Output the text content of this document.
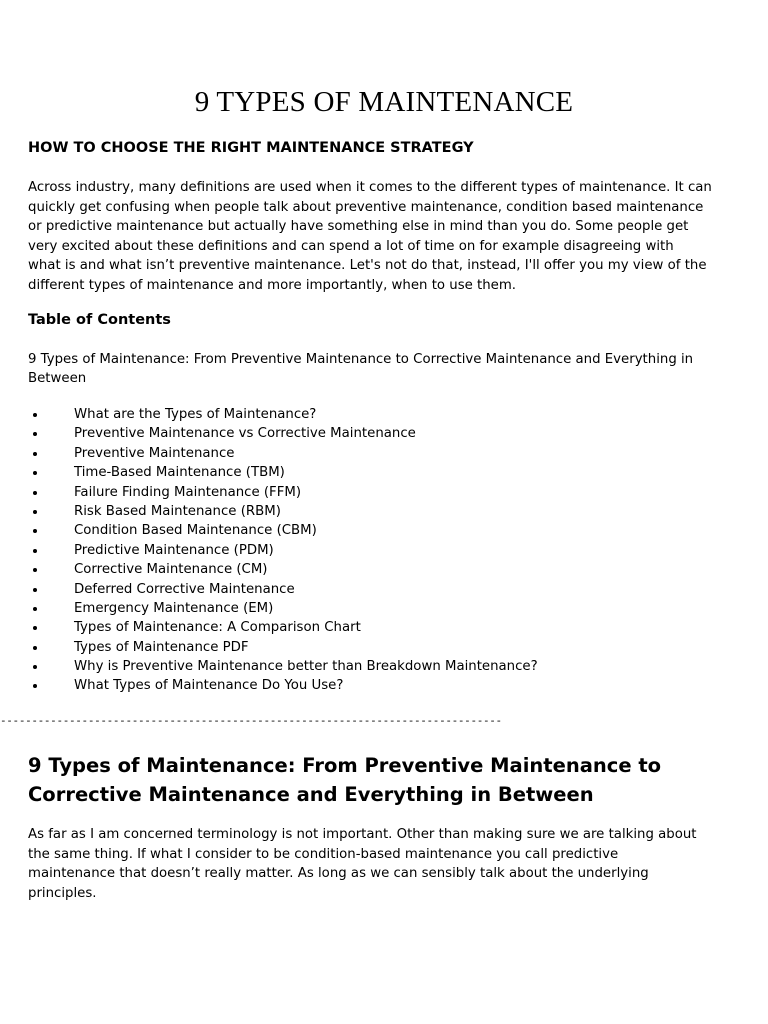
9 TYPES OF MAINTENANCE
HOW TO CHOOSE THE RIGHT MAINTENANCE STRATEGY

Across industry, many definitions are used when it comes to the different types of maintenance. It can
quickly get confusing when people talk about preventive maintenance, condition based maintenance
or predictive maintenance but actually have something else in mind than you do. Some people get
very excited about these definitions and can spend a lot of time on for example disagreeing with
what is and what isn’t preventive maintenance. Let's not do that, instead, I'll offer you my view of the
different types of maintenance and more importantly, when to use them.

Table of Contents

9 Types of Maintenance: From Preventive Maintenance to Corrective Maintenance and Everything in
Between

What are the Types of Maintenance?
Preventive Maintenance vs Corrective Maintenance
Preventive Maintenance
Time-Based Maintenance (TBM)
Failure Finding Maintenance (FFM)
Risk Based Maintenance (RBM)
Condition Based Maintenance (CBM)
Predictive Maintenance (PDM)
Corrective Maintenance (CM)
Deferred Corrective Maintenance
Emergency Maintenance (EM)
Types of Maintenance: A Comparison Chart
Types of Maintenance PDF
Why is Preventive Maintenance better than Breakdown Maintenance?
What Types of Maintenance Do You Use?
--------------------------------------------------------------------------------
9 Types of Maintenance: From Preventive Maintenance to
Corrective Maintenance and Everything in Between

As far as I am concerned terminology is not important. Other than making sure we are talking about
the same thing. If what I consider to be condition-based maintenance you call predictive
maintenance that doesn’t really matter. As long as we can sensibly talk about the underlying
principles.
